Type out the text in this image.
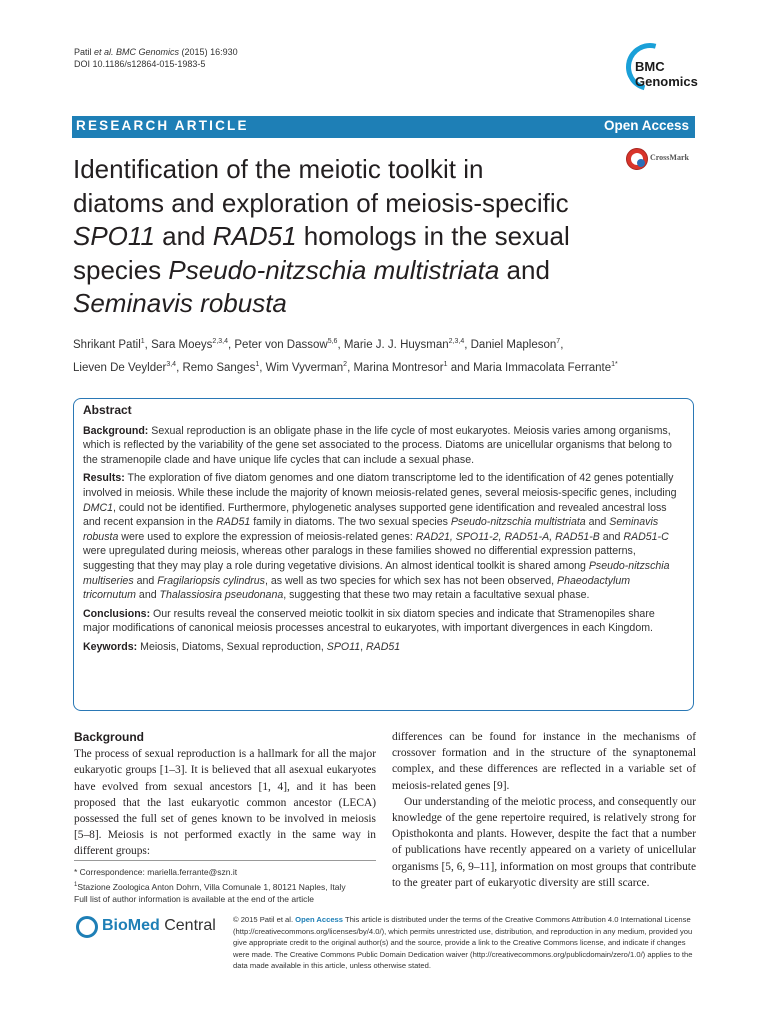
Patil et al. BMC Genomics (2015) 16:930
DOI 10.1186/s12864-015-1983-5	BMC
Genomics
RESEARCH ARTICLE	Open Access
CrossMark
Identification of the meiotic toolkit in
diatoms and exploration of meiosis-specific
SPO11 and RAD51 homologs in the sexual
species Pseudo-nitzschia multistriata and
Seminavis robusta
Shrikant Patil$^1$, Sara Moeys$^{2,3,4}$, Peter von Dassow$^{5,6}$, Marie J. J. Huysman$^{2,3,4}$, Daniel Mapleson$^7$,
Lieven De Veylder$^{3,4}$, Remo Sanges$^1$, Wim Vyverman$^2$, Marina Montresor$^1$ and Maria Immacolata Ferrante$^{1*}$

Abstract

Background: Sexual reproduction is an obligate phase in the life cycle of most eukaryotes. Meiosis varies among organisms, which is reflected by the variability of the gene set associated to the process. Diatoms are unicellular organisms that belong to the stramenopile clade and have unique life cycles that can include a sexual phase.

Results: The exploration of five diatom genomes and one diatom transcriptome led to the identification of 42 genes potentially involved in meiosis. While these include the majority of known meiosis-related genes, several meiosis-specific genes, including DMC1, could not be identified. Furthermore, phylogenetic analyses supported gene identification and revealed ancestral loss and recent expansion in the RAD51 family in diatoms. The two sexual species Pseudo-nitzschia multistriata and Seminavis robusta were used to explore the expression of meiosis-related genes: RAD21, SPO11-2, RAD51-A, RAD51-B and RAD51-C were upregulated during meiosis, whereas other paralogs in these families showed no differential expression patterns, suggesting that they may play a role during vegetative divisions. An almost identical toolkit is shared among Pseudo-nitzschia multiseries and Fragilariopsis cylindrus, as well as two species for which sex has not been observed, Phaeodactylum tricornutum and Thalassiosira pseudonana, suggesting that these two may retain a facultative sexual phase.

Conclusions: Our results reveal the conserved meiotic toolkit in six diatom species and indicate that Stramenopiles share major modifications of canonical meiosis processes ancestral to eukaryotes, with important divergences in each Kingdom.

Keywords: Meiosis, Diatoms, Sexual reproduction, SPO11, RAD51

Background

The process of sexual reproduction is a hallmark for all the major eukaryotic groups [1–3]. It is believed that all asexual eukaryotes have evolved from sexual ancestors [1, 4], and it has been proposed that the last eukaryotic common ancestor (LECA) possessed the full set of genes known to be involved in meiosis [5–8]. Meiosis is not performed exactly in the same way in different groups:

differences can be found for instance in the mechanisms of crossover formation and in the structure of the synaptonemal complex, and these differences are reflected in a variable set of meiosis-related genes [9].

Our understanding of the meiotic process, and consequently our knowledge of the gene repertoire required, is relatively strong for Opisthokonta and plants. However, despite the fact that a number of publications have recently appeared on a variety of unicellular organisms [5, 6, 9–11], information on most groups that contribute to the greater part of eukaryotic diversity are still scarce.

* Correspondence: mariella.ferrante@szn.it
$^1$Stazione Zoologica Anton Dohrn, Villa Comunale 1, 80121 Naples, Italy
Full list of author information is available at the end of the article
BioMed Central © 2015 Patil et al. Open Access This article is distributed under the terms of the Creative Commons Attribution 4.0 International License (http://creativecommons.org/licenses/by/4.0/), which permits unrestricted use, distribution, and reproduction in any medium, provided you give appropriate credit to the original author(s) and the source, provide a link to the Creative Commons license, and indicate if changes were made. The Creative Commons Public Domain Dedication waiver (http://creativecommons.org/publicdomain/zero/1.0/) applies to the data made available in this article, unless otherwise stated.
